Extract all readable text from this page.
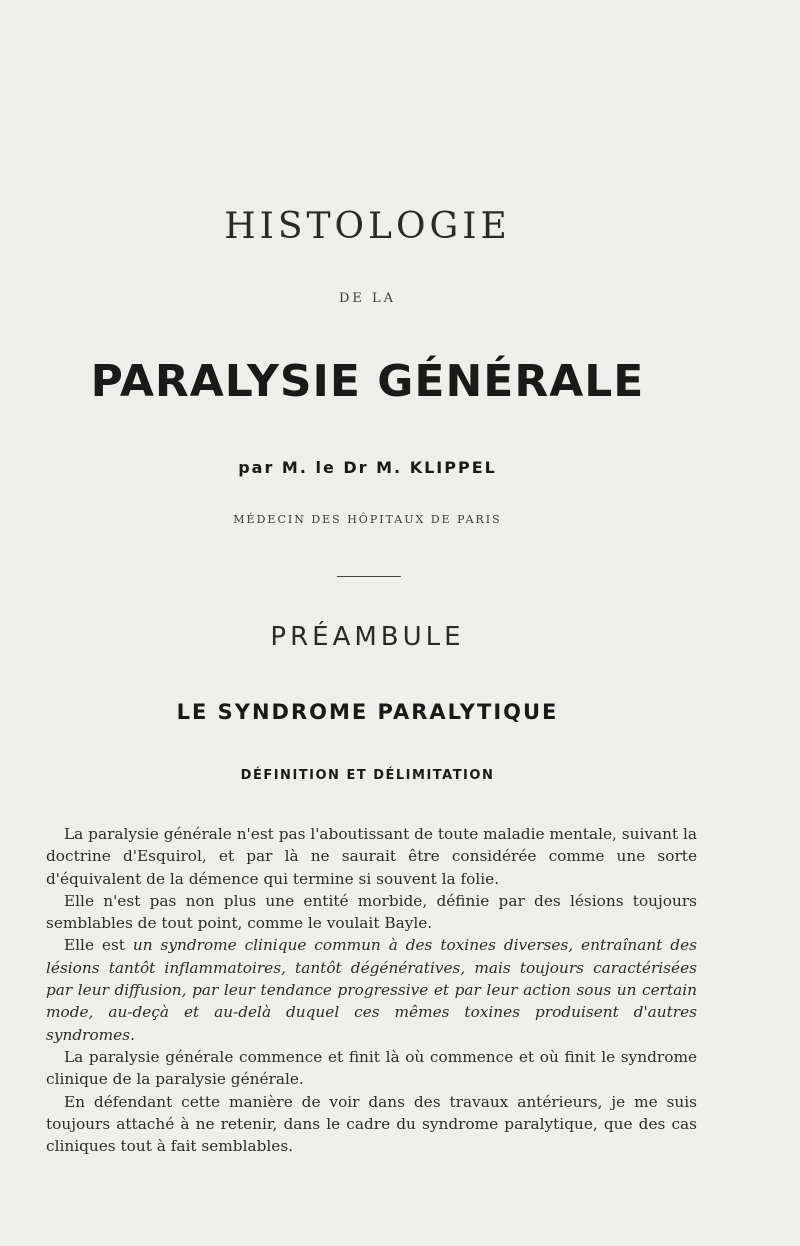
HISTOLOGIE
DE LA
PARALYSIE GÉNÉRALE
par M. le Dr M. KLIPPEL
MÉDECIN DES HÔPITAUX DE PARIS
PRÉAMBULE
LE SYNDROME PARALYTIQUE
DÉFINITION ET DÉLIMITATION

La paralysie générale n'est pas l'aboutissant de toute maladie mentale, suivant la doctrine d'Esquirol, et par là ne saurait être considérée comme une sorte d'équivalent de la démence qui termine si souvent la folie.

Elle n'est pas non plus une entité morbide, définie par des lésions toujours semblables de tout point, comme le voulait Bayle.

Elle est un syndrome clinique commun à des toxines diverses, entraînant des lésions tantôt inflammatoires, tantôt dégénératives, mais toujours caractérisées par leur diffusion, par leur tendance progressive et par leur action sous un certain mode, au-deçà et au-delà duquel ces mêmes toxines produisent d'autres syndromes.

La paralysie générale commence et finit là où commence et où finit le syndrome clinique de la paralysie générale.

En défendant cette manière de voir dans des travaux antérieurs, je me suis toujours attaché à ne retenir, dans le cadre du syndrome paralytique, que des cas cliniques tout à fait semblables.
